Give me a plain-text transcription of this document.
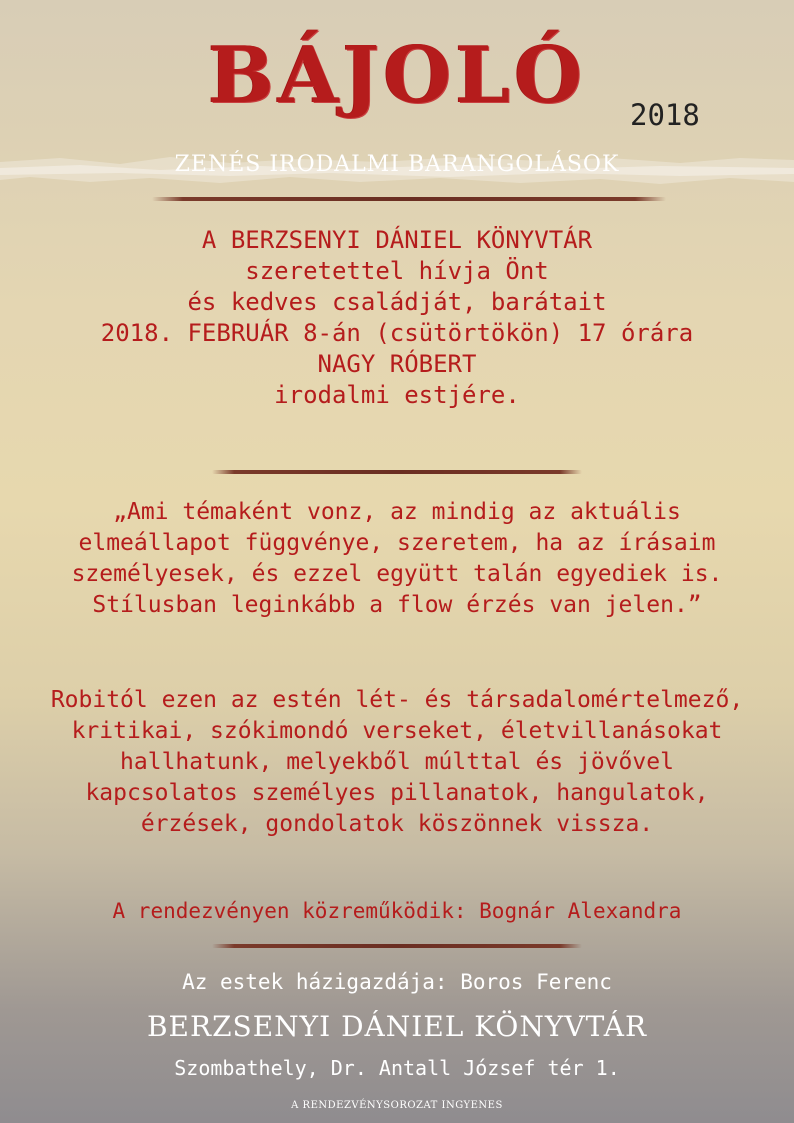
BÁJOLÓ	2018
ZENÉS IRODALMI BARANGOLÁSOK
A BERZSENYI DÁNIEL KÖNYVTÁR
szeretettel hívja Önt
és kedves családját, barátait
2018. FEBRUÁR 8-án (csütörtökön) 17 órára
NAGY RÓBERT
irodalmi estjére.
„Ami témaként vonz, az mindig az aktuális
elmeállapot függvénye, szeretem, ha az írásaim
személyesek, és ezzel együtt talán egyediek is.
Stílusban leginkább a flow érzés van jelen.”
Robitól ezen az estén lét- és társadalomértelmező,
kritikai, szókimondó verseket, életvillanásokat
hallhatunk, melyekből múlttal és jövővel
kapcsolatos személyes pillanatok, hangulatok,
érzések, gondolatok köszönnek vissza.
A rendezvényen közreműködik: Bognár Alexandra
Az estek házigazdája: Boros Ferenc
BERZSENYI DÁNIEL KÖNYVTÁR
Szombathely, Dr. Antall József tér 1.
A RENDEZVÉNYSOROZAT INGYENES
